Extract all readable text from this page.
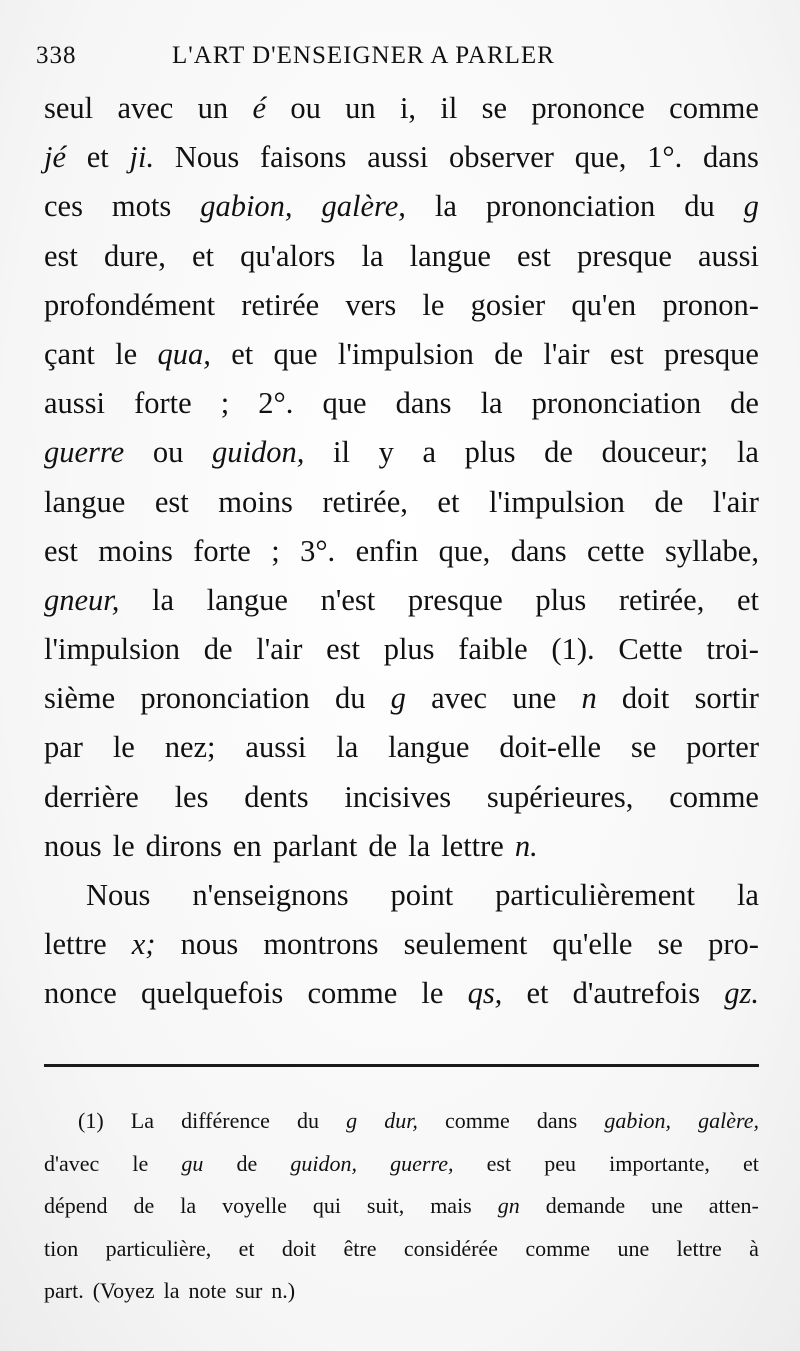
338	L'ART D'ENSEIGNER A PARLER
seul avec un é ou un i, il se prononce comme
jé et ji. Nous faisons aussi observer que, 1°. dans
ces mots gabion, galère, la prononciation du g
est dure, et qu'alors la langue est presque aussi
profondément retirée vers le gosier qu'en pronon-
çant le qua, et que l'impulsion de l'air est presque
aussi forte ; 2°. que dans la prononciation de
guerre ou guidon, il y a plus de douceur; la
langue est moins retirée, et l'impulsion de l'air
est moins forte ; 3°. enfin que, dans cette syllabe,
gneur, la langue n'est presque plus retirée, et
l'impulsion de l'air est plus faible (1). Cette troi-
sième prononciation du g avec une n doit sortir
par le nez; aussi la langue doit-elle se porter
derrière les dents incisives supérieures, comme
nous le dirons en parlant de la lettre n.
Nous n'enseignons point particulièrement la
lettre x; nous montrons seulement qu'elle se pro-
nonce quelquefois comme le qs, et d'autrefois gz.
(1) La différence du g dur, comme dans gabion, galère,
d'avec le gu de guidon, guerre, est peu importante, et
dépend de la voyelle qui suit, mais gn demande une atten-
tion particulière, et doit être considérée comme une lettre à
part. (Voyez la note sur n.)
